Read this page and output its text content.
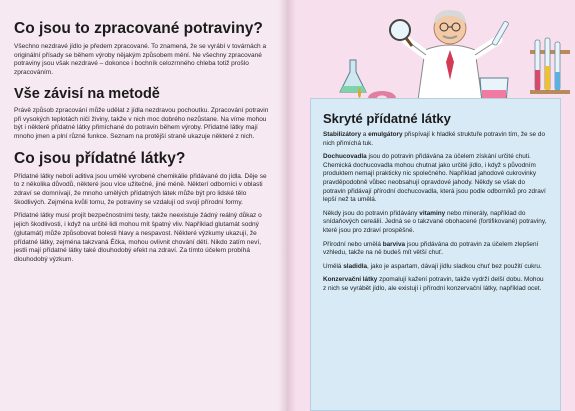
Co jsou to zpracované potraviny?

Všechno nezdravé jídlo je předem zpracované. To znamená, že se vyrábí v továrnách a originální přísady se během výroby nějakým způsobem mění. Ne všechny zpracované potraviny jsou však nezdravé – dokonce i bochník celozrnného chleba totiž prošlo zpracováním.

Vše závisí na metodě

Právě způsob zpracování může udělat z jídla nezdravou pochoutku. Zpracování potravin při vysokých teplotách ničí živiny, takže v nich moc dobrého nezůstane. Na víme mohou být i některé přídatné látky přimíchané do potravin během výroby. Přídatné látky mají mnoho jmen a plní různé funkce. Seznam na protější straně ukazuje některé z nich.

Co jsou přídatné látky?

Přídatné látky neboli aditiva jsou umělé vyrobené chemikálie přidávané do jídla. Děje se to z několika důvodů, některé jsou více užitečné, jiné méně. Některí odborníci v oblasti zdraví se domnívají, že mnoho umělých přídatných látek může být pro lidské tělo škodlivých. Zejména kvůli tomu, že potraviny se vzdalují od svojí přírodní formy.

Přídatné látky musí projít bezpečnostními testy, takže neexistuje žádný reálný důkaz o jejich škodlivosti, i když na určité lidi mohou mít špatný vliv. Například glutamát sodný (glutamát) může způsobovat bolesti hlavy a nespavost. Některé výzkumy ukazují, že přídatné látky, zejména takzvaná Éčka, mohou ovlivnit chování dětí. Nikdo zatím neví, jestli mají přídatné látky také dlouhodobý efekt na zdraví. Za tímto účelem probíhá dlouhodobý výzkum.

Skryté přídatné látky

Stabilizátory a emulgátory přispívají k hladké struktuře potravin tím, že se do nich přimíchá tuk.

Dochucovadla jsou do potravin přidávána za účelem získání určité chuti. Chemická dochucovadla mohou chutnat jako určité jídlo, i když s původním produktem nemají prakticky nic společného. Například jahodové cukrovinky pravděpodobně vůbec neobsahují opravdové jahody. Někdy se však do potravin přidávají přírodní dochucovadla, která jsou podle odborníků pro zdraví lepší než ta umělá.

Někdy jsou do potravin přidávány vitaminy nebo minerály, například do snídaňových cereálií. Jedná se o takzvané obohacené (fortifikované) potraviny, které jsou pro zdraví prospěšné.

Přírodní nebo umělá barviva jsou přidávána do potravin za účelem zlepšení vzhledu, takže na ně budeš mít větší chuť.

Umělá sladidla, jako je aspartam, dávají jídlu sladkou chuť bez použití cukru.

Konzervační látky zpomalují kažení potravin, takže vydrží delší dobu. Mohou z nich se vyrábět jídlo, ale existují i přírodní konzervační látky, například ocet.
